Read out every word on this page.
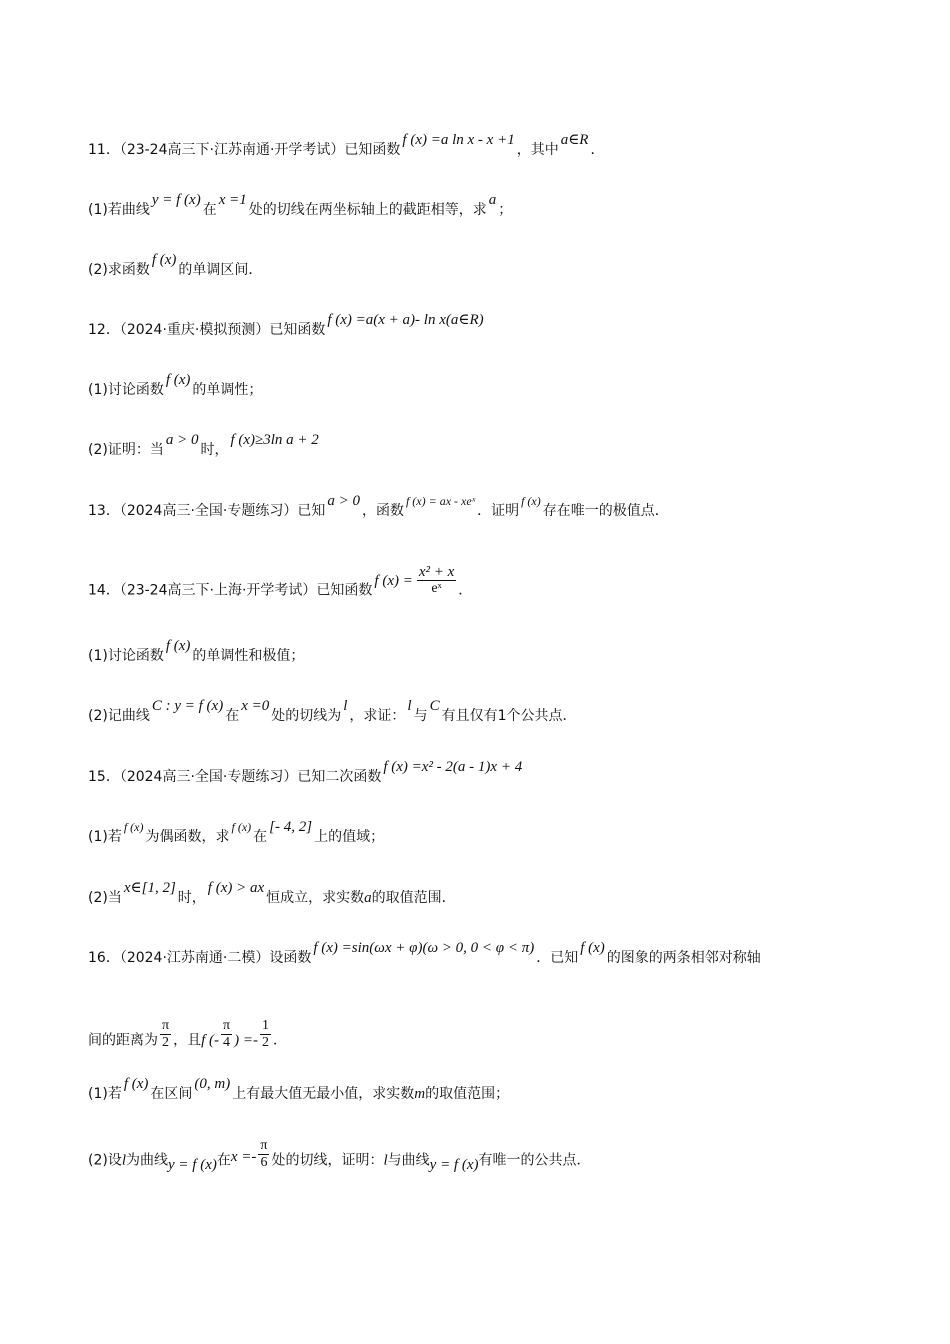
11．（23-24高三下·江苏南通·开学考试）已知函数f (x) =a ln x - x +1，其中a∈R．
(1)若曲线y = f (x)在x =1处的切线在两坐标轴上的截距相等，求a；
(2)求函数f (x)的单调区间．
12．（2024·重庆·模拟预测）已知函数f (x) =a(x + a)- ln x(a∈R)
(1)讨论函数f (x)的单调性；
(2)证明：当a > 0时，f (x)≥3ln a + 2
13．（2024高三·全国·专题练习）已知a > 0，函数f (x) = ax - xeˣ．证明f (x)存在唯一的极值点．
14．（23-24高三下·上海·开学考试）已知函数f $(x) = \frac{\text{x² + x}}{\text{eˣ}}$ ．
(1)讨论函数f (x)的单调性和极值；
(2)记曲线C : y = f (x)在x =0处的切线为l，求证：l与C有且仅有1个公共点．
15．（2024高三·全国·专题练习）已知二次函数f (x) =x² - 2(a - 1)x + 4
(1)若f (x)为偶函数，求f (x)在[- 4, 2]上的值域；
(2)当x∈[1, 2]时，f (x) > ax恒成立，求实数a的取值范围．
16．（2024·江苏南通·二模）设函数f (x) =sin(ωx + φ)(ω > 0, 0 < φ < π)．已知f (x)的图象的两条相邻对称轴
间的距离为 $\frac{\pi}{2}$ ，且f (- $\frac{\pi}{4}$ ) =- $\frac{1}{2}$ ．
(1)若f (x)在区间(0, m)上有最大值无最小值，求实数m的取值范围；
(2)设l为曲线y = f (x)在$x =- \frac{\pi}{6}$ 处的切线，证明：l与曲线y = f (x)有唯一的公共点．
